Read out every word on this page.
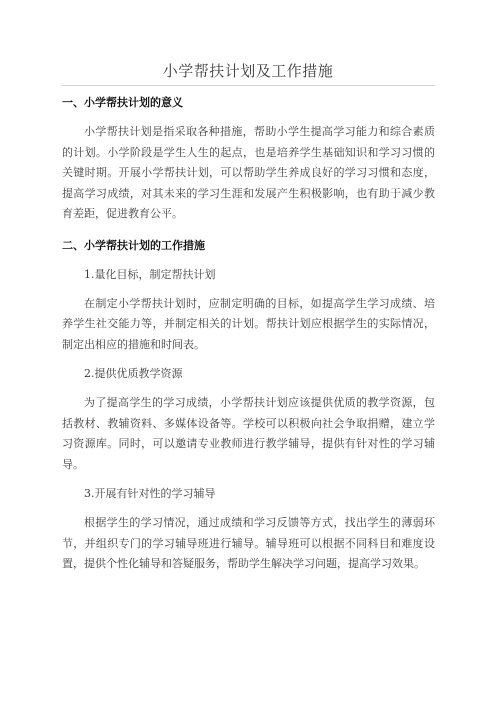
小学帮扶计划及工作措施
一、小学帮扶计划的意义

小学帮扶计划是指采取各种措施，帮助小学生提高学习能力和综合素质的计划。小学阶段是学生人生的起点，也是培养学生基础知识和学习习惯的关键时期。开展小学帮扶计划，可以帮助学生养成良好的学习习惯和态度，提高学习成绩，对其未来的学习生涯和发展产生积极影响，也有助于减少教育差距，促进教育公平。

二、小学帮扶计划的工作措施
1.量化目标，制定帮扶计划

在制定小学帮扶计划时，应制定明确的目标，如提高学生学习成绩、培养学生社交能力等，并制定相关的计划。帮扶计划应根据学生的实际情况，制定出相应的措施和时间表。

2.提供优质教学资源

为了提高学生的学习成绩，小学帮扶计划应该提供优质的教学资源，包括教材、教辅资料、多媒体设备等。学校可以积极向社会争取捐赠，建立学习资源库。同时，可以邀请专业教师进行教学辅导，提供有针对性的学习辅导。

3.开展有针对性的学习辅导

根据学生的学习情况，通过成绩和学习反馈等方式，找出学生的薄弱环节，并组织专门的学习辅导班进行辅导。辅导班可以根据不同科目和难度设置，提供个性化辅导和答疑服务，帮助学生解决学习问题，提高学习效果。
